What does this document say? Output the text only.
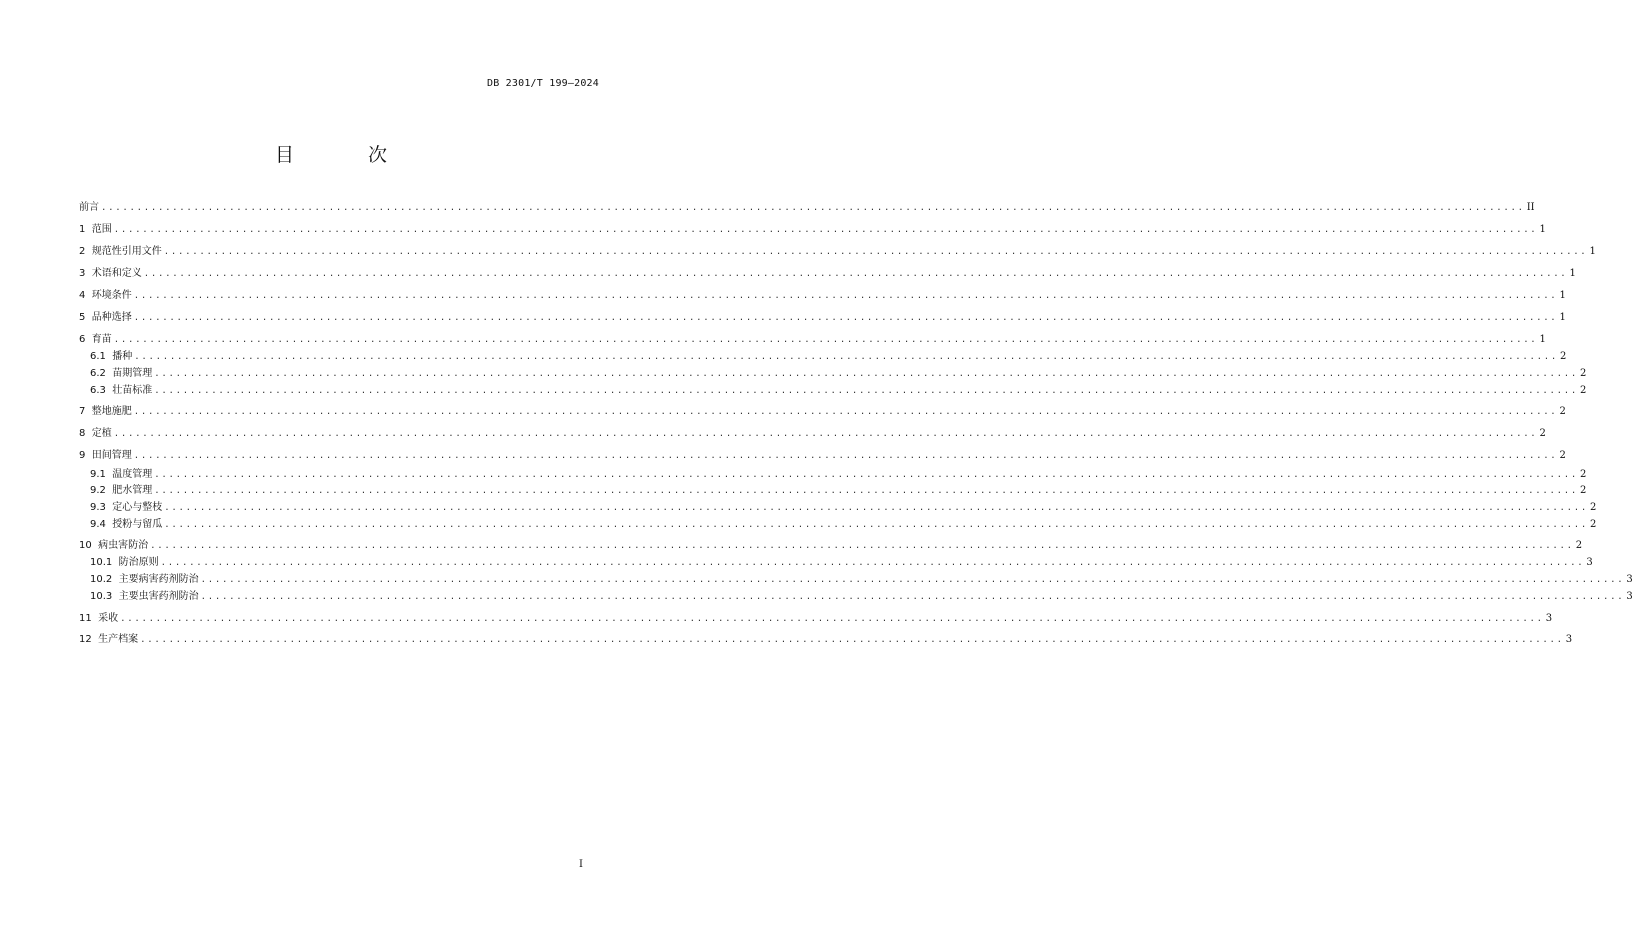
DB 2301/T 199—2024
目 次
前言 ........................................................................................................................................................................................................ II
1 范围 ........................................................................................................................................................................................................ 1
2 规范性引用文件 ........................................................................................................................................................................................................ 1
3 术语和定义 ........................................................................................................................................................................................................ 1
4 环境条件 ........................................................................................................................................................................................................ 1
5 品种选择 ........................................................................................................................................................................................................ 1
6 育苗 ........................................................................................................................................................................................................ 1
6.1 播种 ........................................................................................................................................................................................................ 2
6.2 苗期管理 ........................................................................................................................................................................................................ 2
6.3 壮苗标准 ........................................................................................................................................................................................................ 2
7 整地施肥 ........................................................................................................................................................................................................ 2
8 定植 ........................................................................................................................................................................................................ 2
9 田间管理 ........................................................................................................................................................................................................ 2
9.1 温度管理 ........................................................................................................................................................................................................ 2
9.2 肥水管理 ........................................................................................................................................................................................................ 2
9.3 定心与整枝 ........................................................................................................................................................................................................ 2
9.4 授粉与留瓜 ........................................................................................................................................................................................................ 2
10 病虫害防治 ........................................................................................................................................................................................................ 2
10.1 防治原则 ........................................................................................................................................................................................................ 3
10.2 主要病害药剂防治 ........................................................................................................................................................................................................ 3
10.3 主要虫害药剂防治 ........................................................................................................................................................................................................ 3
11 采收 ........................................................................................................................................................................................................ 3
12 生产档案 ........................................................................................................................................................................................................ 3
I
